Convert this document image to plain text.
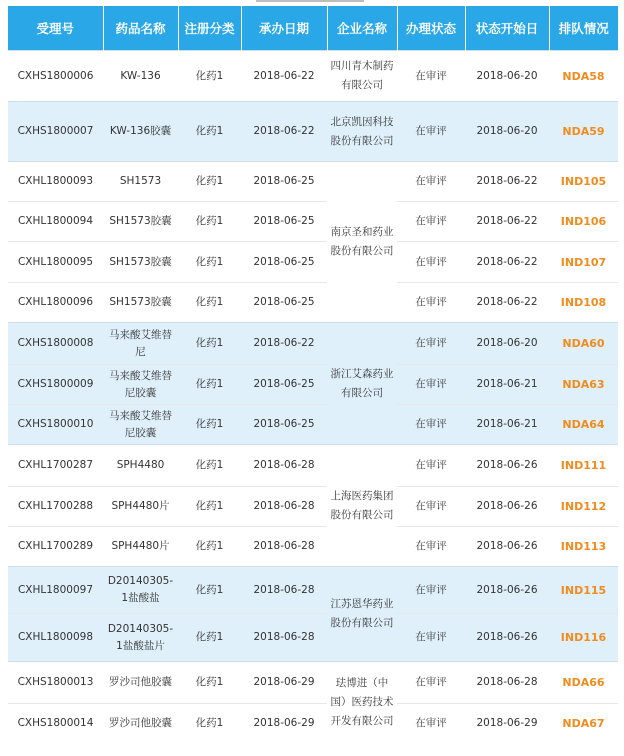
受理号	药品名称	注册分类	承办日期	企业名称	办理状态	状态开始日	排队情况
CXHS1800006	KW-136	化药1	2018-06-22	四川青木制药有限公司	在审评	2018-06-20	NDA58
CXHS1800007	KW-136胶囊	化药1	2018-06-22	北京凯因科技股份有限公司	在审评	2018-06-20	NDA59
CXHL1800093	SH1573	化药1	2018-06-25	南京圣和药业股份有限公司	在审评	2018-06-22	IND105
CXHL1800094	SH1573胶囊	化药1	2018-06-25		在审评	2018-06-22	IND106
CXHL1800095	SH1573胶囊	化药1	2018-06-25		在审评	2018-06-22	IND107
CXHL1800096	SH1573胶囊	化药1	2018-06-25		在审评	2018-06-22	IND108
CXHS1800008	马来酸艾维替尼	化药1	2018-06-22	浙江艾森药业有限公司	在审评	2018-06-20	NDA60
CXHS1800009	马来酸艾维替尼胶囊	化药1	2018-06-25		在审评	2018-06-21	NDA63
CXHS1800010	马来酸艾维替尼胶囊	化药1	2018-06-25		在审评	2018-06-21	NDA64
CXHL1700287	SPH4480	化药1	2018-06-28	上海医药集团股份有限公司	在审评	2018-06-26	IND111
CXHL1700288	SPH4480片	化药1	2018-06-28		在审评	2018-06-26	IND112
CXHL1700289	SPH4480片	化药1	2018-06-28		在审评	2018-06-26	IND113
CXHL1800097	D20140305-1盐酸盐	化药1	2018-06-28	江苏恩华药业股份有限公司	在审评	2018-06-26	IND115
CXHL1800098	D20140305-1盐酸盐片	化药1	2018-06-28		在审评	2018-06-26	IND116
CXHS1800013	罗沙司他胶囊	化药1	2018-06-29	珐博进（中国）医药技术开发有限公司	在审评	2018-06-28	NDA66
CXHS1800014	罗沙司他胶囊	化药1	2018-06-29		在审评	2018-06-29	NDA67
